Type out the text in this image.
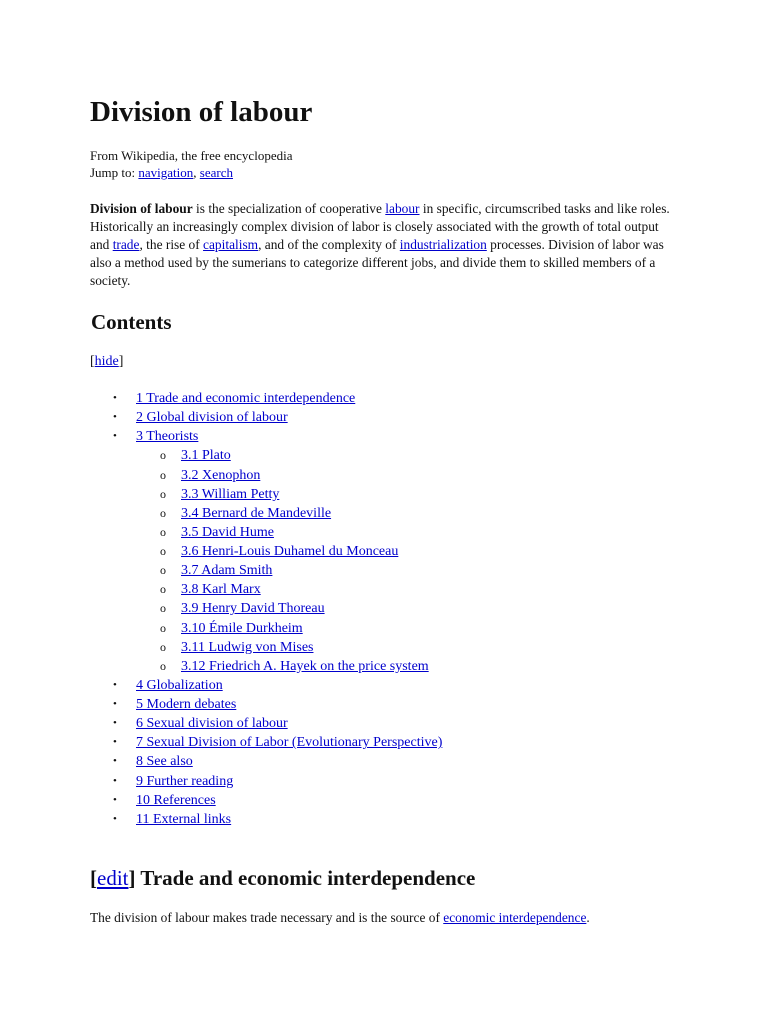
Division of labour
From Wikipedia, the free encyclopedia
Jump to: navigation, search

Division of labour is the specialization of cooperative labour in specific, circumscribed tasks and like roles. Historically an increasingly complex division of labor is closely associated with the growth of total output and trade, the rise of capitalism, and of the complexity of industrialization processes. Division of labor was also a method used by the sumerians to categorize different jobs, and divide them to skilled members of a society.

Contents
[hide]
• 1 Trade and economic interdependence
• 2 Global division of labour
• 3 Theorists
o 3.1 Plato
o 3.2 Xenophon
o 3.3 William Petty
o 3.4 Bernard de Mandeville
o 3.5 David Hume
o 3.6 Henri-Louis Duhamel du Monceau
o 3.7 Adam Smith
o 3.8 Karl Marx
o 3.9 Henry David Thoreau
o 3.10 Émile Durkheim
o 3.11 Ludwig von Mises
o 3.12 Friedrich A. Hayek on the price system
• 4 Globalization
• 5 Modern debates
• 6 Sexual division of labour
• 7 Sexual Division of Labor (Evolutionary Perspective)
• 8 See also
• 9 Further reading
• 10 References
• 11 External links
[edit] Trade and economic interdependence

The division of labour makes trade necessary and is the source of economic interdependence.
